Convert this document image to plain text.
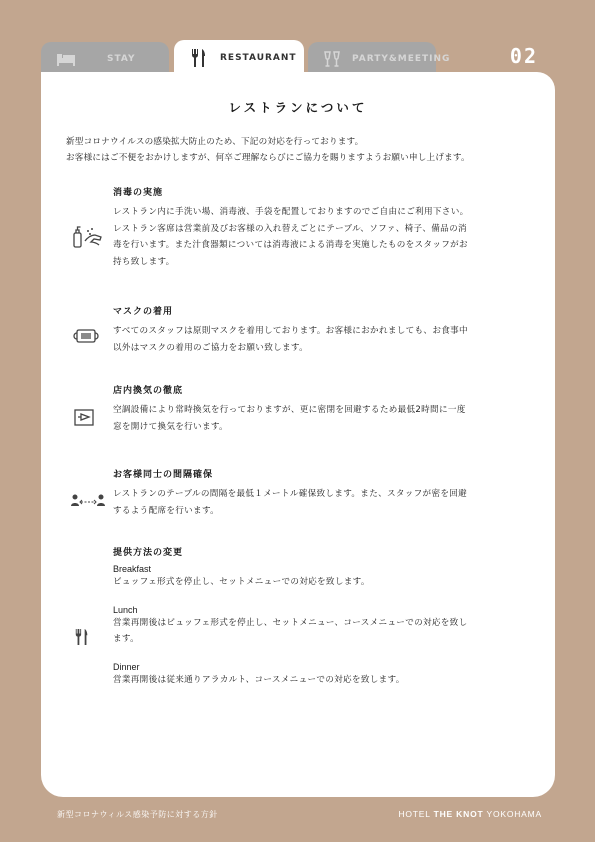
STAY	RESTAURANT	PARTY&MEETING	02
レストランについて
新型コロナウイルスの感染拡大防止のため、下記の対応を行っております。
お客様にはご不便をおかけしますが、何卒ご理解ならびにご協力を賜りますようお願い申し上げます。
消毒の実施
レストラン内に手洗い場、消毒液、手袋を配置しておりますのでご自由にご利用下さい。
レストラン客席は営業前及びお客様の入れ替えごとにテーブル、ソファ、椅子、備品の消
毒を行います。また汁食器類については消毒液による消毒を実施したものをスタッフがお
持ち致します。
マスクの着用
すべてのスタッフは原則マスクを着用しております。お客様におかれましても、お食事中
以外はマスクの着用のご協力をお願い致します。
店内換気の徹底
空調設備により常時換気を行っておりますが、更に密閉を回避するため最低2時間に一度
窓を開けて換気を行います。
お客様同士の間隔確保
レストランのテーブルの間隔を最低１メートル確保致します。また、スタッフが密を回避
するよう配席を行います。
提供方法の変更
Breakfast
ビュッフェ形式を停止し、セットメニューでの対応を致します。
Lunch
営業再開後はビュッフェ形式を停止し、セットメニュー、コースメニューでの対応を致し
ます。
Dinner
営業再開後は従来通りアラカルト、コースメニューでの対応を致します。
新型コロナウィルス感染予防に対する方針	HOTEL THE KNOT YOKOHAMA
